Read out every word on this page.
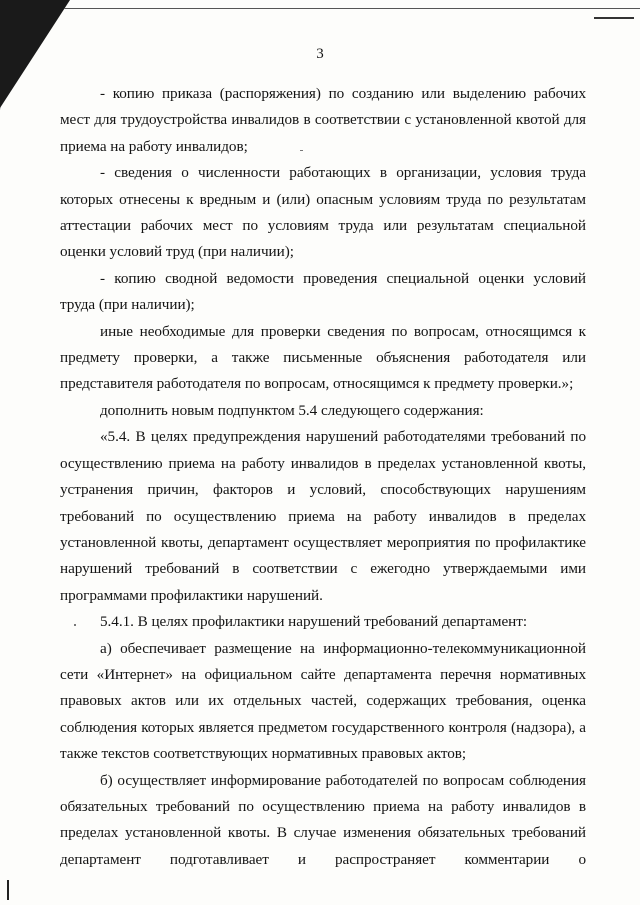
3

- копию приказа (распоряжения) по созданию или выделению рабочих мест для трудоустройства инвалидов в соответствии с установленной квотой для приема на работу инвалидов;

- сведения о численности работающих в организации, условия труда которых отнесены к вредным и (или) опасным условиям труда по результатам аттестации рабочих мест по условиям труда или результатам специальной оценки условий труд (при наличии);

- копию сводной ведомости проведения специальной оценки условий труда (при наличии);

иные необходимые для проверки сведения по вопросам, относящимся к предмету проверки, а также письменные объяснения работодателя или представителя работодателя по вопросам, относящимся к предмету проверки.»;

дополнить новым подпунктом 5.4 следующего содержания:

«5.4. В целях предупреждения нарушений работодателями требований по осуществлению приема на работу инвалидов в пределах установленной квоты, устранения причин, факторов и условий, способствующих нарушениям требований по осуществлению приема на работу инвалидов в пределах установленной квоты, департамент осуществляет мероприятия по профилактике нарушений требований в соответствии с ежегодно утверждаемыми ими программами профилактики нарушений.

5.4.1. В целях профилактики нарушений требований департамент:

а) обеспечивает размещение на информационно-телекоммуникационной сети «Интернет» на официальном сайте департамента перечня нормативных правовых актов или их отдельных частей, содержащих требования, оценка соблюдения которых является предметом государственного контроля (надзора), а также текстов соответствующих нормативных правовых актов;

б) осуществляет информирование работодателей по вопросам соблюдения обязательных требований по осуществлению приема на работу инвалидов в пределах установленной квоты. В случае изменения обязательных требований департамент подготавливает и распространяет комментарии о
